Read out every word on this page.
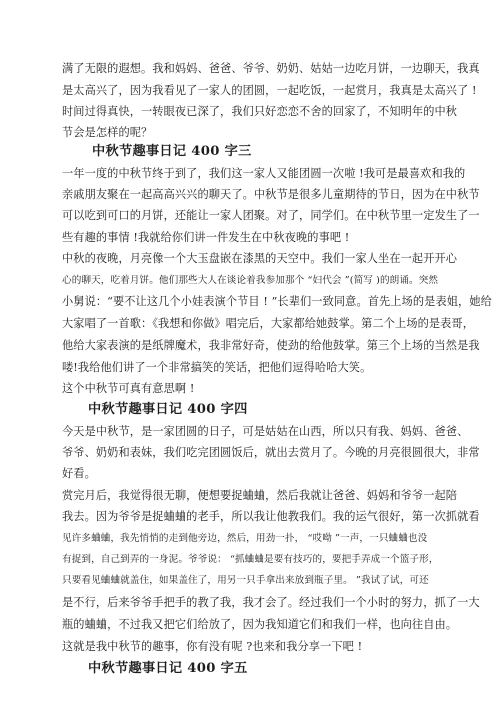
满了无限的遐想。我和妈妈、爸爸、爷爷、奶奶、姑姑一边吃月饼，一边聊天，我真

是太高兴了，因为我看见了一家人的团圆，一起吃饭，一起赏月，我真是太高兴了 !

时间过得真快，一转眼夜已深了，我们只好恋恋不舍的回家了，不知明年的中秋

节会是怎样的呢？

中秋节趣事日记 400 字三

一年一度的中秋节终于到了，我们这一家人又能团圆一次啦 !我可是最喜欢和我的

亲戚朋友聚在一起高高兴兴的聊天了。中秋节是很多儿童期待的节日，因为在中秋节

可以吃到可口的月饼，还能让一家人团聚。对了，同学们。在中秋节里一定发生了一

些有趣的事情 !我就给你们讲一件发生在中秋夜晚的事吧 !

中秋的夜晚，月亮像一个大玉盘嵌在漆黑的天空中。我们一家人坐在一起开开心

心的聊天，吃着月饼。他们那些大人在谈论着我参加那个 “妇代会 ”(简写 )的朗诵。突然

小舅说：“要不让这几个小娃表演个节目 ! ”长辈们一致同意。首先上场的是表姐，她给

大家唱了一首歌：《我想和你做》唱完后，大家都给她鼓掌。第二个上场的是表哥，

他给大家表演的是纸牌魔术，我非常好奇，使劲的给他鼓掌。第三个上场的当然是我

喽!我给他们讲了一个非常搞笑的笑话，把他们逗得哈哈大笑。

这个中秋节可真有意思啊 !

中秋节趣事日记 400 字四

今天是中秋节，是一家团圆的日子，可是姑姑在山西，所以只有我、妈妈、爸爸、

爷爷、奶奶和表妹，我们吃完团圆饭后，就出去赏月了。今晚的月亮很圆很大，非常

好看。

赏完月后，我觉得很无聊，便想要捉蛐蛐，然后我就让爸爸、妈妈和爷爷一起陪

我去。因为爷爷是捉蛐蛐的老手，所以我让他教我们。我的运气很好，第一次抓就看

见许多蛐蛐，我先悄悄的走到他旁边，然后，用劲一扑， “哎呦 ”一声，一只蛐蛐也没

有捉到，自己到弄的一身泥。爷爷说： “抓蛐蛐是要有技巧的，要把手弄成一个篮子形，

只要看见蛐蛐就盖住，如果盖住了，用另一只手拿出来放到瓶子里。 ”我试了试，可还

是不行，后来爷爷手把手的教了我，我才会了。经过我们一个小时的努力，抓了一大

瓶的蛐蛐，不过我又把它们给放了，因为我知道它们和我们一样，也向往自由。

这就是我中秋节的趣事，你有没有呢 ?也来和我分享一下吧 !

中秋节趣事日记 400 字五
